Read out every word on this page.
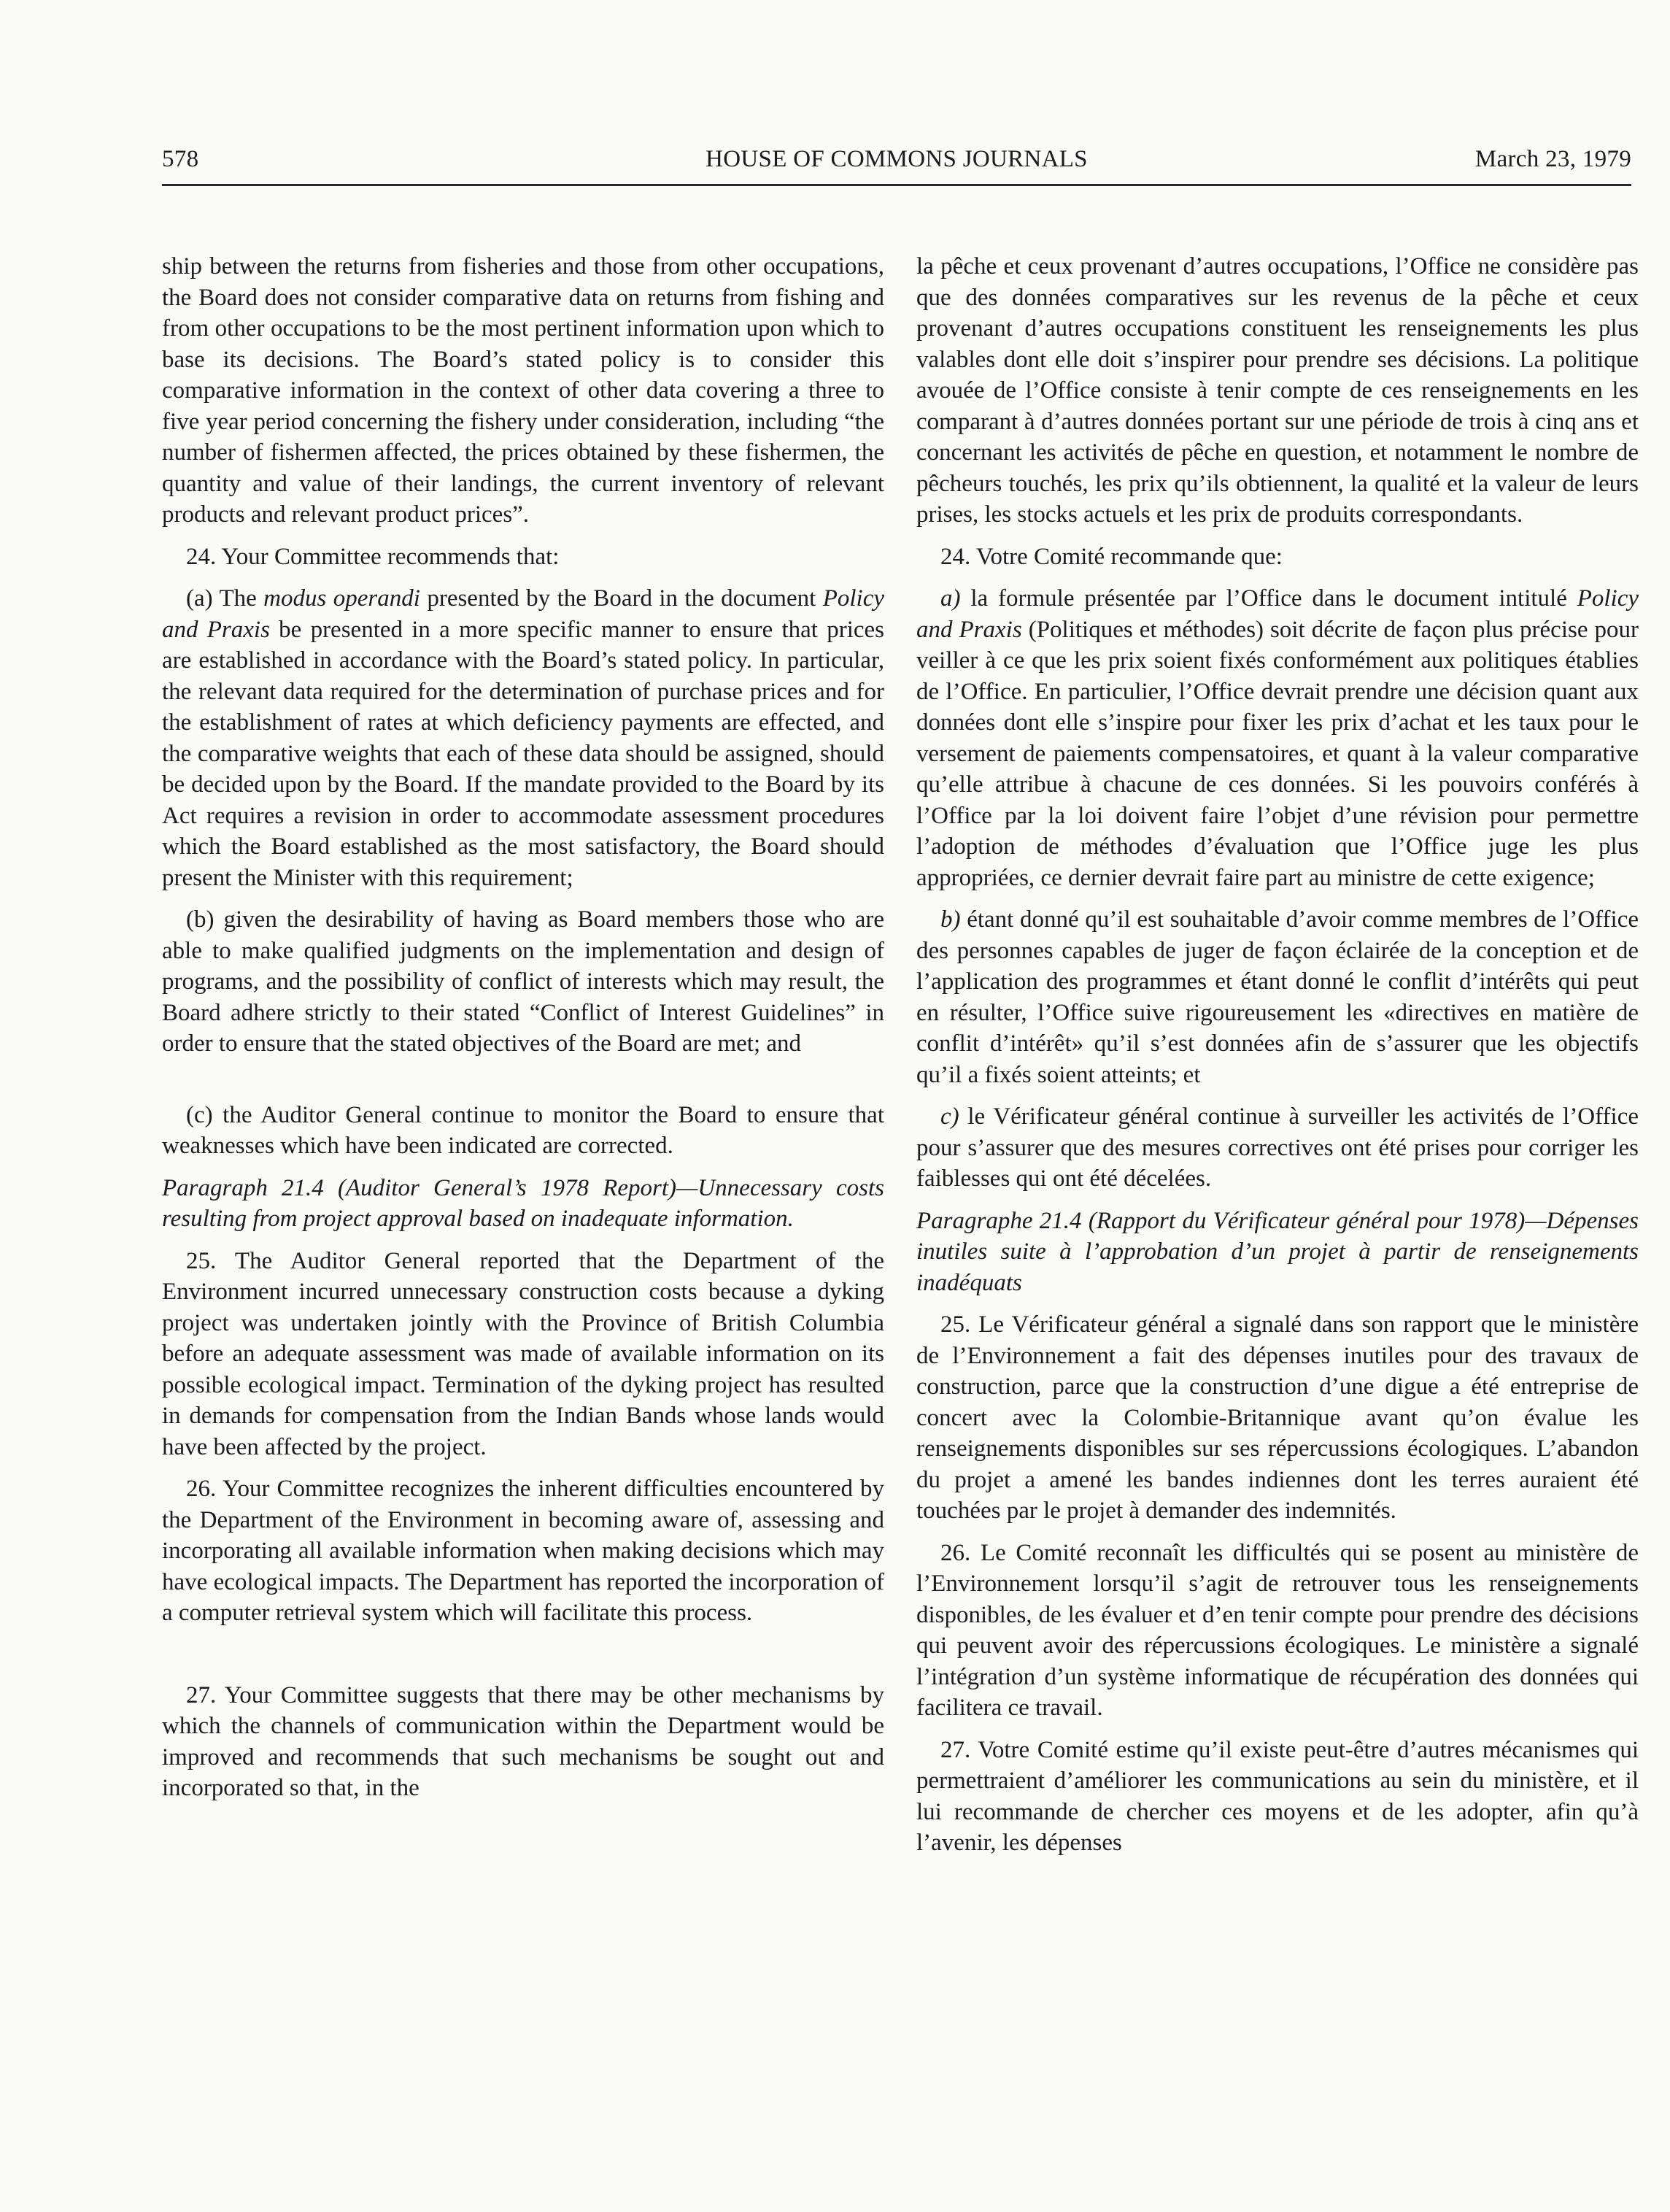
578	HOUSE OF COMMONS JOURNALS	March 23, 1979

ship between the returns from fisheries and those from other occupations, the Board does not consider comparative data on returns from fishing and from other occupations to be the most pertinent information upon which to base its decisions. The Board’s stated policy is to consider this comparative information in the context of other data covering a three to five year period concerning the fishery under consideration, including “the number of fishermen affected, the prices obtained by these fishermen, the quantity and value of their landings, the current inventory of relevant products and relevant product prices”.

24. Your Committee recommends that:

(a) The modus operandi presented by the Board in the document Policy and Praxis be presented in a more specific manner to ensure that prices are established in accordance with the Board’s stated policy. In particular, the relevant data required for the determination of purchase prices and for the establishment of rates at which deficiency payments are effected, and the comparative weights that each of these data should be assigned, should be decided upon by the Board. If the mandate provided to the Board by its Act requires a revision in order to accommodate assessment procedures which the Board established as the most satisfactory, the Board should present the Minister with this requirement;

(b) given the desirability of having as Board members those who are able to make qualified judgments on the implementation and design of programs, and the possibility of conflict of interests which may result, the Board adhere strictly to their stated “Conflict of Interest Guidelines” in order to ensure that the stated objectives of the Board are met; and

(c) the Auditor General continue to monitor the Board to ensure that weaknesses which have been indicated are corrected.

Paragraph 21.4 (Auditor General’s 1978 Report)—Unnecessary costs resulting from project approval based on inadequate information.

25. The Auditor General reported that the Department of the Environment incurred unnecessary construction costs because a dyking project was undertaken jointly with the Province of British Columbia before an adequate assessment was made of available information on its possible ecological impact. Termination of the dyking project has resulted in demands for compensation from the Indian Bands whose lands would have been affected by the project.

26. Your Committee recognizes the inherent difficulties encountered by the Department of the Environment in becoming aware of, assessing and incorporating all available information when making decisions which may have ecological impacts. The Department has reported the incorporation of a computer retrieval system which will facilitate this process.

27. Your Committee suggests that there may be other mechanisms by which the channels of communication within the Department would be improved and recommends that such mechanisms be sought out and incorporated so that, in the

la pêche et ceux provenant d’autres occupations, l’Office ne considère pas que des données comparatives sur les revenus de la pêche et ceux provenant d’autres occupations constituent les renseignements les plus valables dont elle doit s’inspirer pour prendre ses décisions. La politique avouée de l’Office consiste à tenir compte de ces renseignements en les comparant à d’autres données portant sur une période de trois à cinq ans et concernant les activités de pêche en question, et notamment le nombre de pêcheurs touchés, les prix qu’ils obtiennent, la qualité et la valeur de leurs prises, les stocks actuels et les prix de produits correspondants.

24. Votre Comité recommande que:

a) la formule présentée par l’Office dans le document intitulé Policy and Praxis (Politiques et méthodes) soit décrite de façon plus précise pour veiller à ce que les prix soient fixés conformément aux politiques établies de l’Office. En particulier, l’Office devrait prendre une décision quant aux données dont elle s’inspire pour fixer les prix d’achat et les taux pour le versement de paiements compensatoires, et quant à la valeur comparative qu’elle attribue à chacune de ces données. Si les pouvoirs conférés à l’Office par la loi doivent faire l’objet d’une révision pour permettre l’adoption de méthodes d’évaluation que l’Office juge les plus appropriées, ce dernier devrait faire part au ministre de cette exigence;

b) étant donné qu’il est souhaitable d’avoir comme membres de l’Office des personnes capables de juger de façon éclairée de la conception et de l’application des programmes et étant donné le conflit d’intérêts qui peut en résulter, l’Office suive rigoureusement les «directives en matière de conflit d’intérêt» qu’il s’est données afin de s’assurer que les objectifs qu’il a fixés soient atteints; et

c) le Vérificateur général continue à surveiller les activités de l’Office pour s’assurer que des mesures correctives ont été prises pour corriger les faiblesses qui ont été décelées.

Paragraphe 21.4 (Rapport du Vérificateur général pour 1978)—Dépenses inutiles suite à l’approbation d’un projet à partir de renseignements inadéquats

25. Le Vérificateur général a signalé dans son rapport que le ministère de l’Environnement a fait des dépenses inutiles pour des travaux de construction, parce que la construction d’une digue a été entreprise de concert avec la Colombie-Britannique avant qu’on évalue les renseignements disponibles sur ses répercussions écologiques. L’abandon du projet a amené les bandes indiennes dont les terres auraient été touchées par le projet à demander des indemnités.

26. Le Comité reconnaît les difficultés qui se posent au ministère de l’Environnement lorsqu’il s’agit de retrouver tous les renseignements disponibles, de les évaluer et d’en tenir compte pour prendre des décisions qui peuvent avoir des répercussions écologiques. Le ministère a signalé l’intégration d’un système informatique de récupération des données qui facilitera ce travail.

27. Votre Comité estime qu’il existe peut-être d’autres mécanismes qui permettraient d’améliorer les communications au sein du ministère, et il lui recommande de chercher ces moyens et de les adopter, afin qu’à l’avenir, les dépenses
